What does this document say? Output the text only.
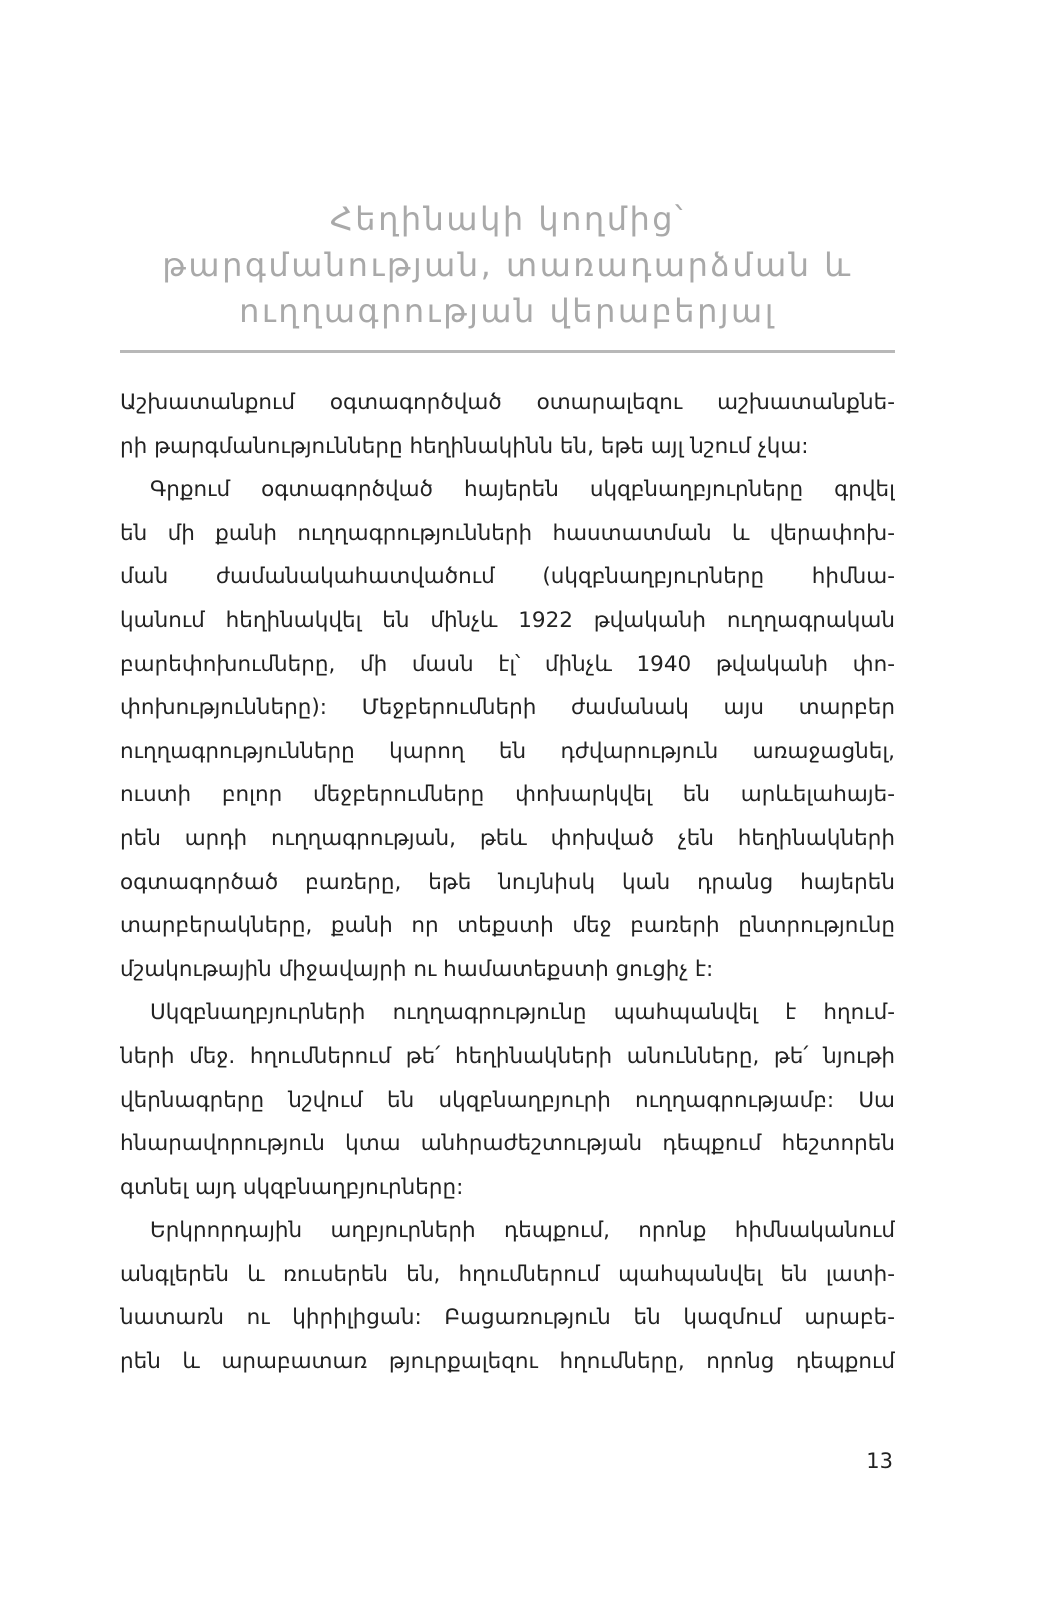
Հեղինակի կողմից՝
թարգմանության, տառադարձման և
ուղղագրության վերաբերյալ

Աշխատանքում օգտագործված օտարալեզու աշխատանքնե-
րի թարգմանությունները հեղինակինն են, եթե այլ նշում չկա:

Գրքում օգտագործված հայերեն սկզբնաղբյուրները գրվել
են մի քանի ուղղագրությունների հաստատման և վերափոխ-
ման ժամանակահատվածում (սկզբնաղբյուրները հիմնա-
կանում հեղինակվել են մինչև 1922 թվականի ուղղագրական
բարեփոխումները, մի մասն էլ՝ մինչև 1940 թվականի փո-
փոխությունները): Մեջբերումների ժամանակ այս տարբեր
ուղղագրությունները կարող են դժվարություն առաջացնել,
ուստի բոլոր մեջբերումները փոխարկվել են արևելահայե-
րեն արդի ուղղագրության, թեև փոխված չեն հեղինակների
օգտագործած բառերը, եթե նույնիսկ կան դրանց հայերեն
տարբերակները, քանի որ տեքստի մեջ բառերի ընտրությունը
մշակութային միջավայրի ու համատեքստի ցուցիչ է:

Սկզբնաղբյուրների ուղղագրությունը պահպանվել է հղում-
ների մեջ. հղումներում թե՛ հեղինակների անունները, թե՛ նյութի
վերնագրերը նշվում են սկզբնաղբյուրի ուղղագրությամբ: Սա
հնարավորություն կտա անհրաժեշտության դեպքում հեշտորեն
գտնել այդ սկզբնաղբյուրները:

Երկրորդային աղբյուրների դեպքում, որոնք հիմնականում
անգլերեն և ռուսերեն են, հղումներում պահպանվել են լատի-
նատառն ու կիրիլիցան: Բացառություն են կազմում արաբե-
րեն և արաբատառ թյուրքալեզու հղումները, որոնց դեպքում

13
